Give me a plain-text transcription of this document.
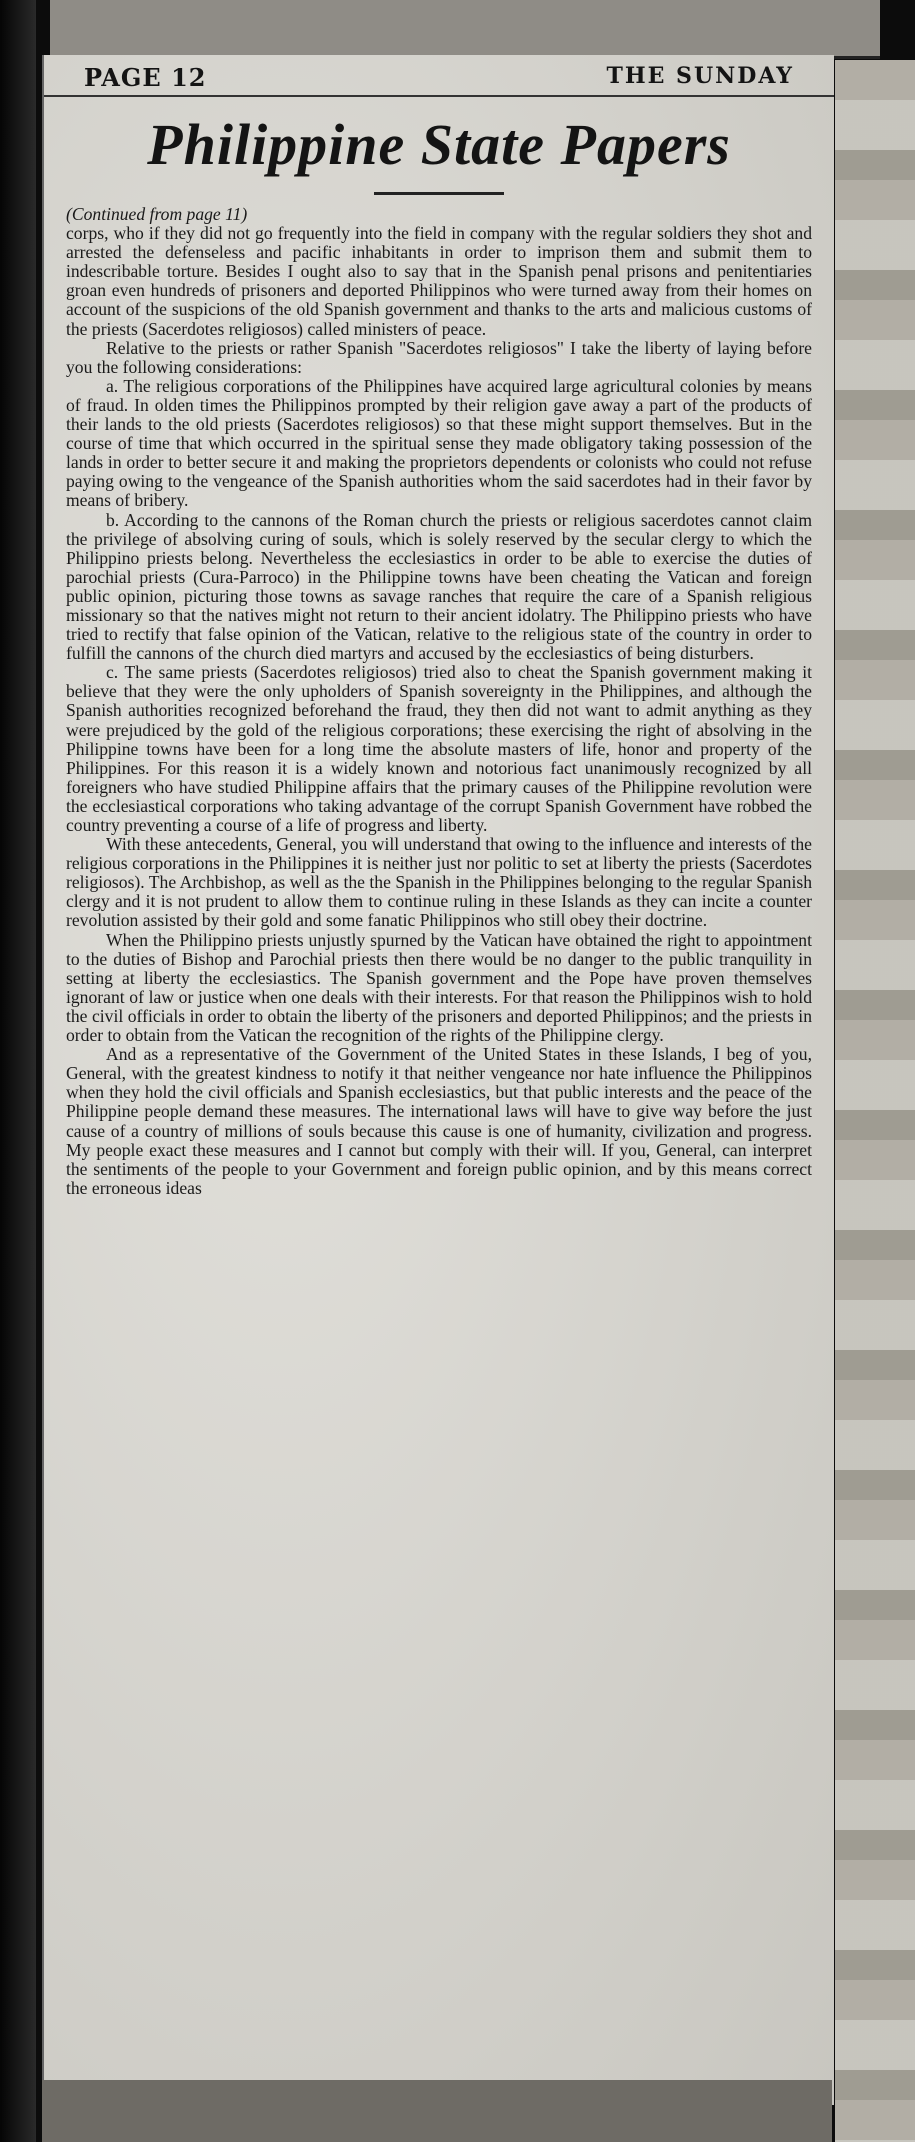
PAGE 12	THE SUNDAY
Philippine State Papers

(Continued from page 11)

corps, who if they did not go frequently into the field in company with the regular soldiers they shot and arrested the defenseless and pacific inhabitants in order to imprison them and submit them to indescribable torture. Besides I ought also to say that in the Spanish penal prisons and penitentiaries groan even hundreds of prisoners and deported Philippinos who were turned away from their homes on account of the suspicions of the old Spanish government and thanks to the arts and malicious customs of the priests (Sacerdotes religiosos) called ministers of peace.

Relative to the priests or rather Spanish "Sacerdotes religiosos" I take the liberty of laying before you the following considerations:

a. The religious corporations of the Philippines have acquired large agricultural colonies by means of fraud. In olden times the Philippinos prompted by their religion gave away a part of the products of their lands to the old priests (Sacerdotes religiosos) so that these might support themselves. But in the course of time that which occurred in the spiritual sense they made obligatory taking possession of the lands in order to better secure it and making the proprietors dependents or colonists who could not refuse paying owing to the vengeance of the Spanish authorities whom the said sacerdotes had in their favor by means of bribery.

b. According to the cannons of the Roman church the priests or religious sacerdotes cannot claim the privilege of absolving curing of souls, which is solely reserved by the secular clergy to which the Philippino priests belong. Nevertheless the ecclesiastics in order to be able to exercise the duties of parochial priests (Cura-Parroco) in the Philippine towns have been cheating the Vatican and foreign public opinion, picturing those towns as savage ranches that require the care of a Spanish religious missionary so that the natives might not return to their ancient idolatry. The Philippino priests who have tried to rectify that false opinion of the Vatican, relative to the religious state of the country in order to fulfill the cannons of the church died martyrs and accused by the ecclesiastics of being disturbers.

c. The same priests (Sacerdotes religiosos) tried also to cheat the Spanish government making it believe that they were the only upholders of Spanish sovereignty in the Philippines, and although the Spanish authorities recognized beforehand the fraud, they then did not want to admit anything as they were prejudiced by the gold of the religious corporations; these exercising the right of absolving in the Philippine towns have been for a long time the absolute masters of life, honor and property of the Philippines. For this reason it is a widely known and notorious fact unanimously recognized by all foreigners who have studied Philippine affairs that the primary causes of the Philippine revolution were the ecclesiastical corporations who taking advantage of the corrupt Spanish Government have robbed the country preventing a course of a life of progress and liberty.

With these antecedents, General, you will understand that owing to the influence and interests of the religious corporations in the Philippines it is neither just nor politic to set at liberty the priests (Sacerdotes religiosos). The Archbishop, as well as the the Spanish in the Philippines belonging to the regular Spanish clergy and it is not prudent to allow them to continue ruling in these Islands as they can incite a counter revolution assisted by their gold and some fanatic Philippinos who still obey their doctrine.

When the Philippino priests unjustly spurned by the Vatican have obtained the right to appointment to the duties of Bishop and Parochial priests then there would be no danger to the public tranquility in setting at liberty the ecclesiastics. The Spanish government and the Pope have proven themselves ignorant of law or justice when one deals with their interests. For that reason the Philippinos wish to hold the civil officials in order to obtain the liberty of the prisoners and deported Philippinos; and the priests in order to obtain from the Vatican the recognition of the rights of the Philippine clergy.

And as a representative of the Government of the United States in these Islands, I beg of you, General, with the greatest kindness to notify it that neither vengeance nor hate influence the Philippinos when they hold the civil officials and Spanish ecclesiastics, but that public interests and the peace of the Philippine people demand these measures. The international laws will have to give way before the just cause of a country of millions of souls because this cause is one of humanity, civilization and progress. My people exact these measures and I cannot but comply with their will. If you, General, can interpret the sentiments of the people to your Government and foreign public opinion, and by this means correct the erroneous ideas
